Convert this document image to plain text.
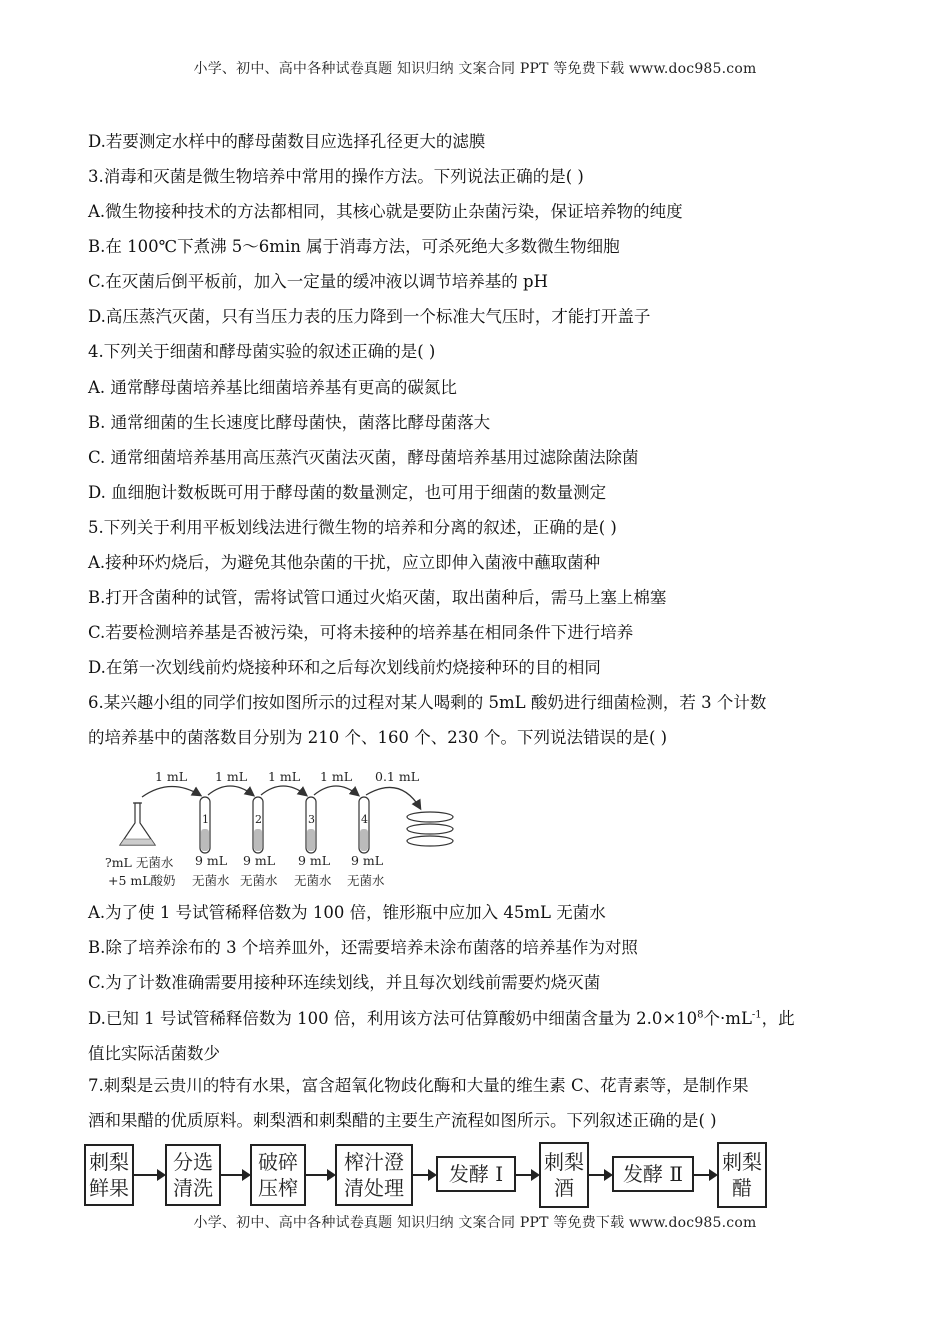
小学、初中、高中各种试卷真题 知识归纳 文案合同 PPT 等免费下载 www.doc985.com
D.若要测定水样中的酵母菌数目应选择孔径更大的滤膜
3.消毒和灭菌是微生物培养中常用的操作方法。下列说法正确的是( )
A.微生物接种技术的方法都相同，其核心就是要防止杂菌污染，保证培养物的纯度
B.在 100℃下煮沸 5～6min 属于消毒方法，可杀死绝大多数微生物细胞
C.在灭菌后倒平板前，加入一定量的缓冲液以调节培养基的 pH
D.高压蒸汽灭菌，只有当压力表的压力降到一个标准大气压时，才能打开盖子
4.下列关于细菌和酵母菌实验的叙述正确的是( )
A. 通常酵母菌培养基比细菌培养基有更高的碳氮比
B. 通常细菌的生长速度比酵母菌快，菌落比酵母菌落大
C. 通常细菌培养基用高压蒸汽灭菌法灭菌，酵母菌培养基用过滤除菌法除菌
D. 血细胞计数板既可用于酵母菌的数量测定，也可用于细菌的数量测定
5.下列关于利用平板划线法进行微生物的培养和分离的叙述，正确的是( )
A.接种环灼烧后，为避免其他杂菌的干扰，应立即伸入菌液中蘸取菌种
B.打开含菌种的试管，需将试管口通过火焰灭菌，取出菌种后，需马上塞上棉塞
C.若要检测培养基是否被污染，可将未接种的培养基在相同条件下进行培养
D.在第一次划线前灼烧接种环和之后每次划线前灼烧接种环的目的相同
6.某兴趣小组的同学们按如图所示的过程对某人喝剩的 5mL 酸奶进行细菌检测，若 3 个计数
的培养基中的菌落数目分别为 210 个、160 个、230 个。下列说法错误的是( )
1 mL 1 mL 1 mL 1 mL 0.1 mL
1	2	3	4
?mL 无菌水
+5 mL酸奶
9 mL
无菌水
9 mL
无菌水
9 mL
无菌水
9 mL
无菌水
A.为了使 1 号试管稀释倍数为 100 倍，锥形瓶中应加入 45mL 无菌水
B.除了培养涂布的 3 个培养皿外，还需要培养未涂布菌落的培养基作为对照
C.为了计数准确需要用接种环连续划线，并且每次划线前需要灼烧灭菌
D.已知 1 号试管稀释倍数为 100 倍，利用该方法可估算酸奶中细菌含量为 $2.0\times 10^8$个$\cdot mL^{-1}$，此
值比实际活菌数少
7.刺梨是云贵川的特有水果，富含超氧化物歧化酶和大量的维生素 C、花青素等，是制作果
酒和果醋的优质原料。刺梨酒和刺梨醋的主要生产流程如图所示。下列叙述正确的是( )
刺梨
鲜果
分选
清洗
破碎
压榨
榨汁澄
清处理
发酵 Ⅰ	刺梨
酒
发酵 Ⅱ	刺梨
醋
小学、初中、高中各种试卷真题 知识归纳 文案合同 PPT 等免费下载 www.doc985.com
